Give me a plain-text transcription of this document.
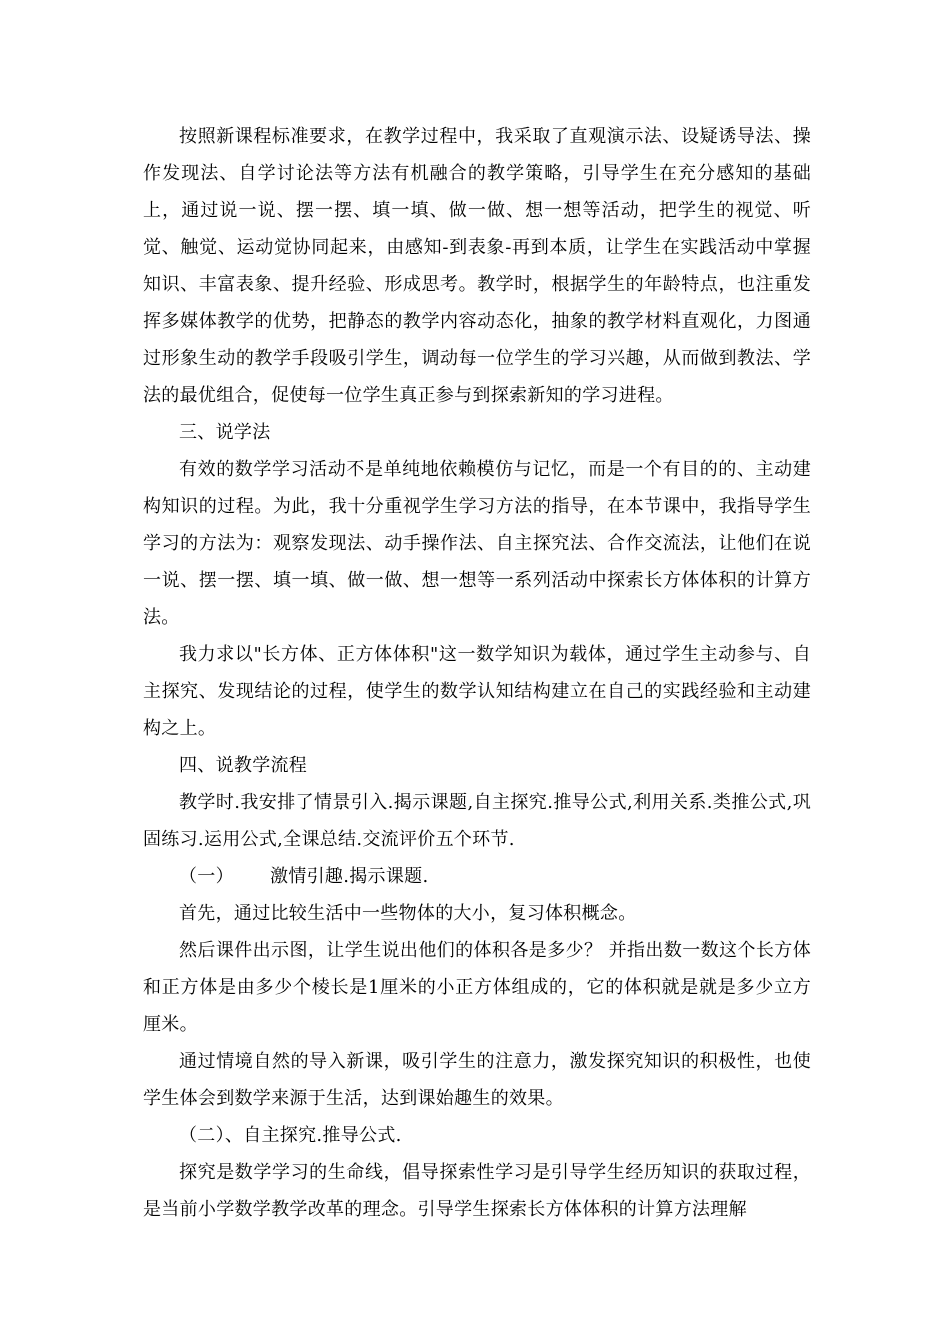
按照新课程标准要求，在教学过程中，我采取了直观演示法、设疑诱导法、操作发现法、自学讨论法等方法有机融合的教学策略，引导学生在充分感知的基础上，通过说一说、摆一摆、填一填、做一做、想一想等活动，把学生的视觉、听觉、触觉、运动觉协同起来，由感知-到表象-再到本质，让学生在实践活动中掌握知识、丰富表象、提升经验、形成思考。教学时，根据学生的年龄特点，也注重发挥多媒体教学的优势，把静态的教学内容动态化，抽象的教学材料直观化，力图通过形象生动的教学手段吸引学生，调动每一位学生的学习兴趣，从而做到教法、学法的最优组合，促使每一位学生真正参与到探索新知的学习进程。

三、说学法

有效的数学学习活动不是单纯地依赖模仿与记忆，而是一个有目的的、主动建构知识的过程。为此，我十分重视学生学习方法的指导，在本节课中，我指导学生学习的方法为：观察发现法、动手操作法、自主探究法、合作交流法，让他们在说一说、摆一摆、填一填、做一做、想一想等一系列活动中探索长方体体积的计算方法。

我力求以"长方体、正方体体积"这一数学知识为载体，通过学生主动参与、自主探究、发现结论的过程，使学生的数学认知结构建立在自己的实践经验和主动建构之上。

四、说教学流程

教学时.我安排了情景引入.揭示课题,自主探究.推导公式,利用关系.类推公式,巩固练习.运用公式,全课总结.交流评价五个环节.

（一）      激情引趣.揭示课题.

首先，通过比较生活中一些物体的大小，复习体积概念。

然后课件出示图，让学生说出他们的体积各是多少？ 并指出数一数这个长方体和正方体是由多少个棱长是1厘米的小正方体组成的，它的体积就是就是多少立方厘米。

通过情境自然的导入新课，吸引学生的注意力，激发探究知识的积极性，也使学生体会到数学来源于生活，达到课始趣生的效果。

（二）、自主探究.推导公式.

探究是数学学习的生命线，倡导探索性学习是引导学生经历知识的获取过程，是当前小学数学教学改革的理念。引导学生探索长方体体积的计算方法理解
